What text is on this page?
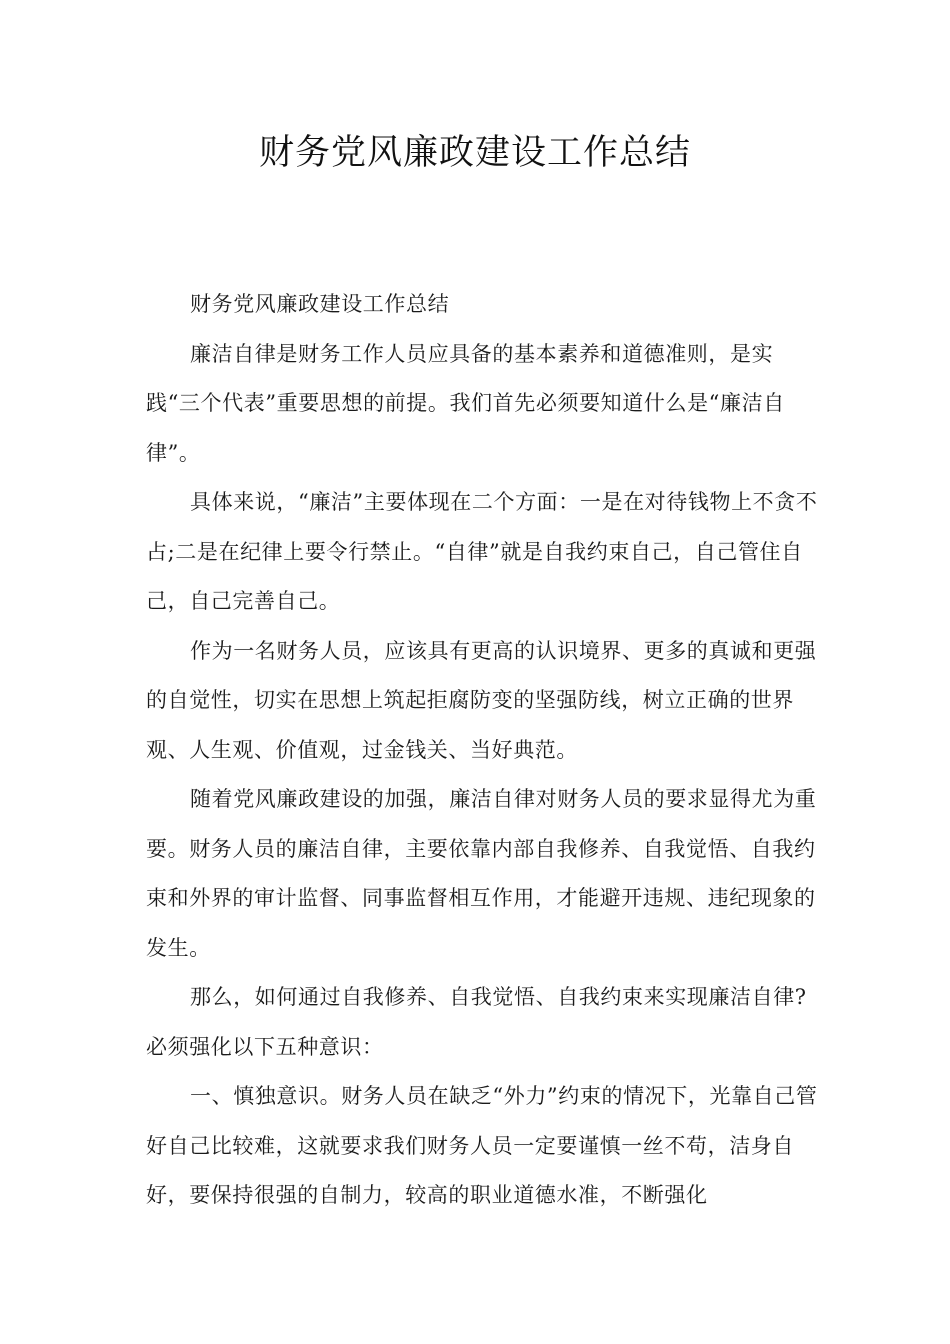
财务党风廉政建设工作总结

财务党风廉政建设工作总结

廉洁自律是财务工作人员应具备的基本素养和道德准则，是实践“三个代表”重要思想的前提。我们首先必须要知道什么是“廉洁自律”。

具体来说，“廉洁”主要体现在二个方面：一是在对待钱物上不贪不占;二是在纪律上要令行禁止。“自律”就是自我约束自己，自己管住自己，自己完善自己。

作为一名财务人员，应该具有更高的认识境界、更多的真诚和更强的自觉性，切实在思想上筑起拒腐防变的坚强防线，树立正确的世界观、人生观、价值观，过金钱关、当好典范。

随着党风廉政建设的加强，廉洁自律对财务人员的要求显得尤为重要。财务人员的廉洁自律，主要依靠内部自我修养、自我觉悟、自我约束和外界的审计监督、同事监督相互作用，才能避开违规、违纪现象的发生。

那么，如何通过自我修养、自我觉悟、自我约束来实现廉洁自律?必须强化以下五种意识：

一、慎独意识。财务人员在缺乏“外力”约束的情况下，光靠自己管好自己比较难，这就要求我们财务人员一定要谨慎一丝不苟，洁身自好，要保持很强的自制力，较高的职业道德水准，不断强化
